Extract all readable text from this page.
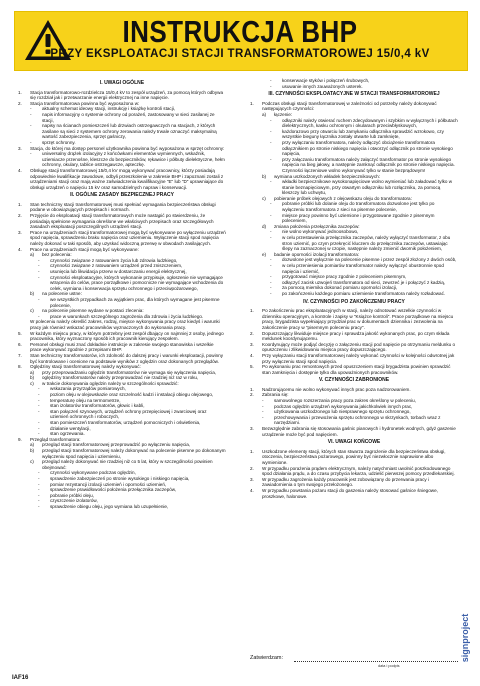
INSTRUKCJA BHP
PRZY EKSPLOATACJI STACJI TRANSFORMATOROWEJ 15/0,4 kV
I. UWAGI OGÓLNE
1.	Stacja transformatorowo-rozdzielcza 15/0,4 kV to zespół urządzeń, za pomocą których odbywa się rozdział jak i przetwarzanie energii elektrycznej na inne napięcie.
2.	Stacja transformatorowa powinna być wyposażona w:
-	aktualny schemat ideowy stacji, instrukcję i książkę kontroli stacji,
-	napis informacyjny o systemie ochrony od porażeń, zastosowany w sieci zasilanej ze stacji,
-	napisy na ścianach pomieszczeń lub drzwiach ostrzegawczych na stacjach, z których zasilane są sieci z systemem ochrony zerowania należy trwale oznaczyć maksymalną wartość zabezpieczenia, sprzęt gaśniczy,
-	sprzęt ochronny.
3.	Stacja, do której ma dostęp personel użytkownika powinna być wyposażona w sprzęt ochronny:
-	uniwersalny drążek izolacyjny z końcówkami elementów wymiennych, wskaźnik, uziemiacze przenośne, kleszcze do bezpieczników, rękawice i półbuty dielektryczne, hełm ochronny, okulary, tablice ostrzegawcze, apteczkę.
4.	Obsługę stacji transformatorowej 15/0,4 kV mogą wykonywać pracownicy, którzy posiadają odpowiednie kwalifikacje zawodowe, odbyli przeszkolenie w zakresie BHP i zapoznani zostali z urządzeniami stacji oraz mają ważne zaświadczenia kwalifikacyjne "E" lub "D" uprawniające do obsługi urządzeń o napięciu 15 kV oraz samodzielnych napraw i konserwacji.
II. OGÓLNE ZASADY BEZPIECZNEJ PRACY
1.	Stan techniczny stacji transformatorowej musi spełniać wymagania bezpieczeństwa obsługi podane w obowiązujących przepisach i normach.
2.	Przyjęcie do eksploatacji stacji transformatorowych może nastąpić po stwierdzeniu, że posiadają spełnione wymagania określone we właściwych przepisach oraz szczegółowych zasadach eksploatacji poszczególnych urządzeń stacji.
3.	Prace na urządzeniach stacji transformatorowej mogą być wykonywane po wyłączeniu urządzeń spod napięcia, sprawdzeniu braku napięcia oraz uziemieniu. Wyłączenie stacji spod napięcia należy dokonać w taki sposób, aby uzyskać widoczną przerwę w obwodach zasilających.
4.	Prace na urządzeniach stacji mogą być wykonywane:
a)	bez polecenia:
-	czynności związane z ratowaniem życia lub zdrowia ludzkiego,
-	czynności związane z ratowaniem urządzeń przed zniszczeniem,
-	usunięcia lub likwidacja przerw w dostarczaniu energii elektrycznej,
-	czynności eksploatacyjne, których wykonanie przypisuje, ogłoszenie nie wymagające wtrącenia do celów, prace porządkowe i pomocnicze nie wymagające wchodzenia do celek, wymiana i konserwacja sprzętu ochronnego i przeciwpożarowego,
b)	na polecenie ustne:
-	we wszystkich przypadkach za wyjątkiem prac, dla których wymagane jest pisemne polecenie,
c)	na polecenie pisemne wydane w postaci zlecenia:
-	prace w warunkach szczególnego zagrożenia dla zdrowia i życia ludzkiego.
W poleceniu należy określić zakres, rodzaj, miejsce wykonywania pracy oraz kiedyś i warunki pracy jak również wskazać pracowników wyznaczonych do wykonania pracy.
5.	W każdym miejscu pracy, w którym potrzebny jest zespół dbający on najmniej 2 osoby, jednego pracownika, który wyznaczony sposób ich pracownik kierujący zespołem.
6.	Personel obsługi musi znać dokładnie instrukcje w zakresie swojego stanowiska i wszelkie prace wykonywać zgodnie z przepisami BHP.
7.	Stan techniczny transformatorów, ich zdolność do dalszej pracy i warunki eksploatacji, powinny być kontrolowane i ocenione na podstawie wyników z oględzin oraz dokonanych przeglądów.
8.	Oględziny stacji transformatorowej należy wykonywać:
a)	przy przeprowadzaniu oględzin transformatorów nie wymaga się wyłączenia napięcia,
b)	oględziny transformatorów należy przeprowadzać nie rzadziej niż raz w roku,
c)	w trakcie dokonywania oględzin należy w szczególności sprawdzić:
-	wskazania przyrządów pomiarowych,
-	poziom oleju w olejowskazie oraz szczelność kadzi i instalacji obiegu olejowego,
-	temperaturę oleju na termometrze,
-	stan izolatorów transformatorów, głowic i kabli,
-	stan połączeń szynowych, urządzeń ochrony przepięciowej i zwarciowej oraz uziemień ochronnych i roboczych,
-	stan pomieszczeń transformatorów, urządzeń pomocniczych i oświetlenia,
-	działanie wentylacji,
-	stan ogrzewania.
9.	Przegląd transformatora:
a)	przegląd stacji transformatorowej przeprowadzić po wyłączeniu napięcia,
b)	przegląd stacji transformatorowej należy dokonywać na polecenie pisemne po dokonanym wyłączeniu spod napięcia i uziemieniu,
c)	przegląd należy dokonywać nie rzadziej niż co 5 lat, który w szczególności powinien obejmować:
-	czynności wykonywane podczas oględzin,
-	sprawdzenie zabezpieczeń po stronie wysokiego i niskiego napięcia,
-	pomiar rezystancji izolacji uziemień i oporności uziemień,
-	sprawdzenie prawidłowości położenia przełącznika zaczepów,
-	pobranie próbki oleju,
-	czyszczenie izolatorów,
-	sprawdzenie obiegu oleju, jego wymiana lub uzupełnienie,
-	konserwacje styków i połączeń śrubowych,
-	usuwanie innych zauważonych usterek.
III. CZYNNOŚCI EKSPLOATACYJNE W STACJI TRANSFORMATOROWEJ
1.	Podczas obsługi stacji transformatorowej w zależności od potrzeby należy dokonywać następujących czynności:
a)	łączenie:
-	odłączniki należy otwierać ruchem zdecydowanym i szybkim w wyłącznych i półbutach dielektrycznych, kasku ochronnym i okularach przeciwbłyskowych,
-	każdorazowo przy otwarciu lub zamykaniu odłącznika sprawdzić wzrokowo, czy wszystkie bieguny łącznika zostały otwarte lub zamknięte,
-	przy wyłączaniu transformatora, należy odłączyć obciążenie transformatora odłącznikiem po stronie niskiego napięcia i otworzyć odłącznik po stronie wysokiego napięcia,
-	przy załączaniu transformatora należy załączyć transformator po stronie wysokiego napięcia na bieg jałowy, a następnie zamknąć odłącznik po stronie niskiego napięcia.
Czynności łączeniowe wolno wykonywać tylko w stanie bezprądowym!
b)	wymiana uszkodzonych wkładek bezpiecznikowych:
-	wkładki bezpiecznikowe wysokonapięciowe wolno wymieniać lub załadować tylko w stanie beznapięciowym, przy otwartym odłączniku lub rozłączniku, za pomocą kleszczy lub uchwytu,
c)	pobieranie próbek olejowych z olejowskazu oleju do transformatora:
-	pobranie próbki lub dolanie oleju do transformatora dozwolone jest tylko po wyłączeniu transformatora z sieci na pisemne polecenie,
-	miejsce pracy powinno być uziemione i przygotowane zgodnie z pisemnym poleceniem,
d)	zmiana położenia przełącznika zaczepów:
-	nie wolno wykonywać jednoosobowo,
-	w celu przestawienia przełącznika zaczepów, należy wyłączyć transformator, z obu stron uziemić, po czym przekręcić kluczem do przełącznika zaczepów, ustawiając ślepy na zaznaczonej w czopie, następnie należy zmienić dwornik położeniem,
e)	badanie oporności izolacji transformatora:
-	dozwolone jest wyłącznie na polecenie pisemne i przez zespół złożony z dwóch osób,
-	w celu przeniesienia pomiarów transformator należy wyłączyć obustronnie spod napięcia i uziemić,
-	przygotować miejsce pracy zgodnie z poleceniem pisemnym,
-	odłączyć zacisk uzwojeń transformatora od sieci, zewrzeć je i połączyć z kadzią,
-	za pomocą miernika dokonać pomiaru oporności izolacji,
-	po zakończeniu każdego pomiaru uziemienie transformatora należy rozładować.
IV. CZYNNOŚCI PO ZAKOŃCZENIU PRACY
1.	Po zakończeniu prac eksploatacyjnych w stacji, należy odnotować wszelkie czynności w dzienniku operacyjnym, a kontrole i zapisy w "Książce kontroli". Prace porządkowe na miejscu pracy, brygadzista wypełniający przydział prac w dokumentach dziennika i zezwolenia na zakończenie pracy w "pisemnym poleceniu pracy".
2.	Dopuszczający likwiduje miejsce pracy i sprawdza jakość wykonanych prac, po czym składa meldunek koordynującemu.
3.	Koordynujący może podjąć decyzję o załączeniu stacji pod napięcie po otrzymaniu meldunku o opuszczeniu i zlikwidowaniu miejsca pracy dopuszczającego.
4.	Przy wyłączaniu stacji transformatorowej należy wykonać czynności w kolejności odwrotnej jak przy wyłączeniu stacji spod napięcia.
5.	Po wykonaniu prac remontowych przed opuszczeniem stacji brygadzista powinien sprawdzić stan zamknięcia i dostępnie tylko dla upoważnionych pracowników.
V. CZYNNOŚCI ZABRONIONE
1.	Nadzorującemu nie wolno wykonywać innych prac poza nadzorowaniem.
2.	Zabrania się:
-	samowolnego rozszerzania pracy poza zakres określony w poleceniu,
-	podczas oględzin urządzeń wykonywania jakichkolwiek innych prac,
-	użytkowania uszkodzonego lub niesprawnego sprzętu ochronnego,
-	przechowywania i przewożenia sprzętu ochronnego w skrzynkach, torbach wraz z narzędziami.
3.	Bezwzględnie zabrania się stosowania gaśnic pianowych i hydronetek wodnych, gdyż gaszenie urządzenie może być pod napięciem.
VI. UWAGI KOŃCOWE
1.	Uszkodzone elementy stacji, których stan stwarza zagrożenie dla bezpieczeństwa obsługi, otoczenia, bezpieczeństwa pożarowego, powinny być niezwłocznie naprawione albo wymienione.
2.	W przypadku porażenia prądem elektrycznym, należy natychmiast uwolnić poszkodowanego spod działania prądu, a do czasu przybycia lekarza, udzielić pierwszej pomocy przedlekarskiej.
3.	W przypadku zagrożenia każdy pracownik jest zobowiązany do przerwania pracy i zawiadomienia o tym swojego przełożonego.
4.	W przypadku powstania pożaru stacji do gaszenia należy stosować gaśnice śniegowe, proszkowe, halonowe.
Zatwierdzam:
data i podpis
IAF16
signproject
